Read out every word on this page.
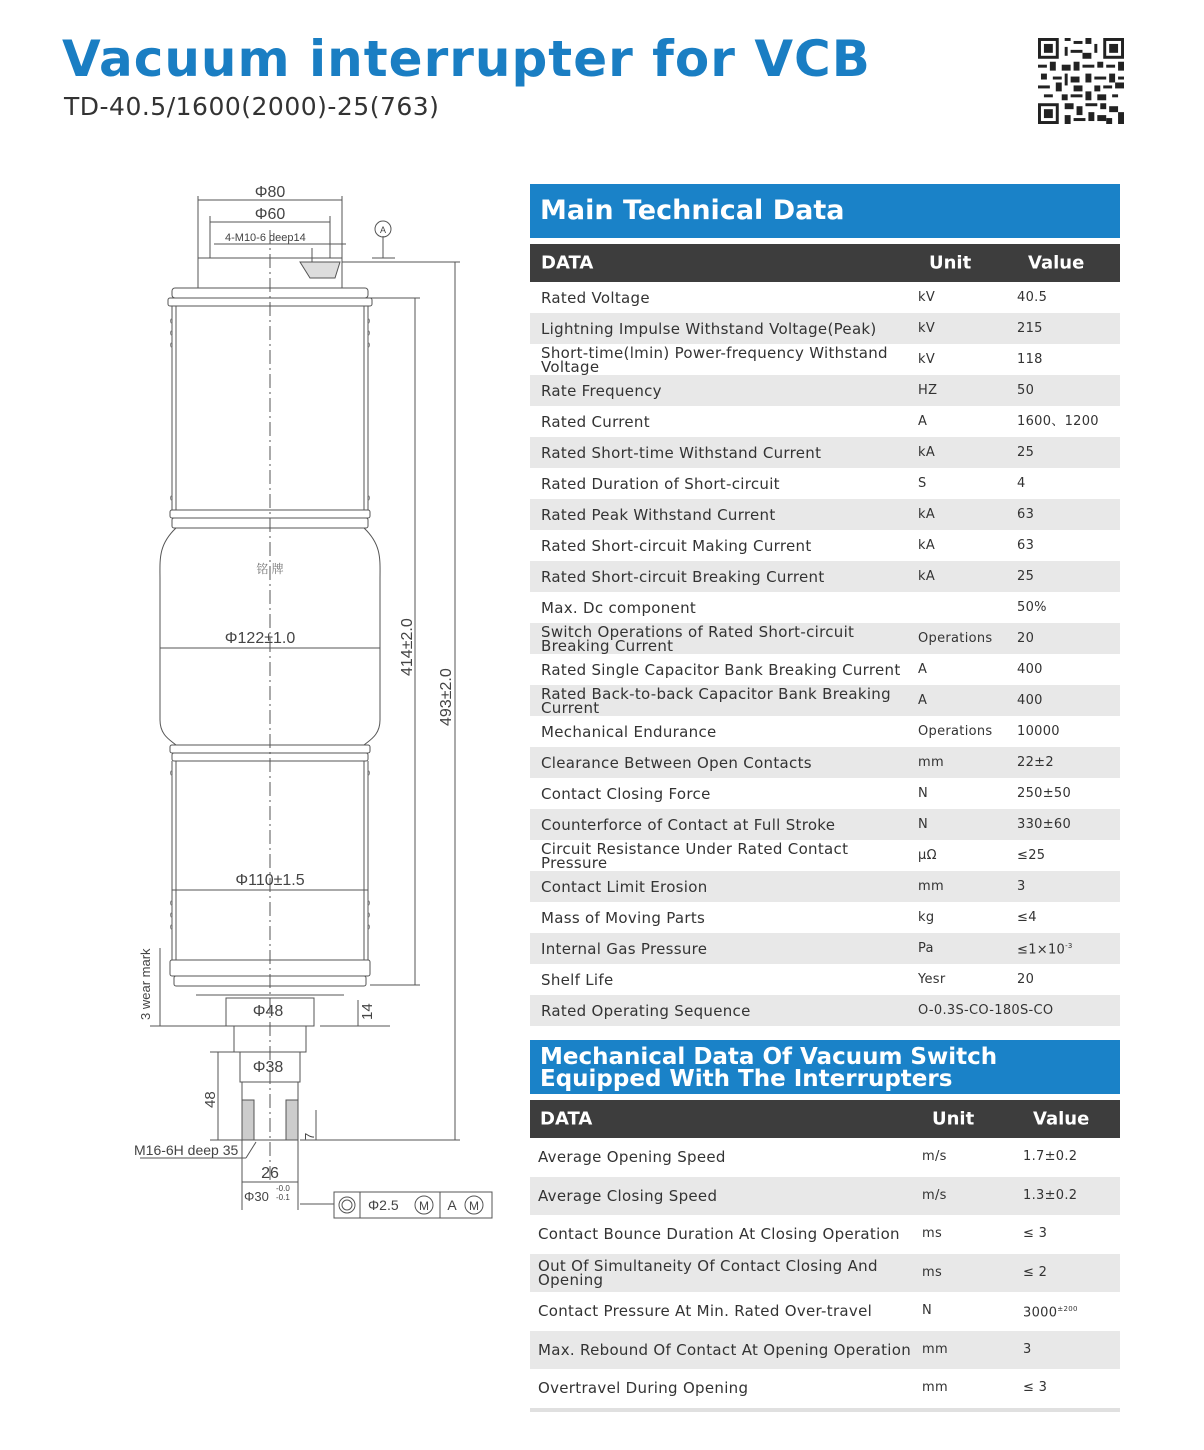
Vacuum interrupter for VCB
TD-40.5/1600(2000)-25(763)
Φ80
Φ60
4-M10-6 deep14
A
铭 牌
Φ122±1.0
Φ110±1.5
414±2.0
493±2.0
3 wear mark	Φ48	14
Φ38
48
7
M16-6H deep 35
26
Φ30
-0.0
-0.1	Φ2.5 M A M
Main Technical Data
DATA	Unit	Value
Rated Voltage	kV	40.5
Lightning Impulse Withstand Voltage(Peak)	kV	215
Short-time(lmin) Power-frequency Withstand Voltage	kV	118
Rate Frequency	HZ	50
Rated Current	A	1600、1200
Rated Short-time Withstand Current	kA	25
Rated Duration of Short-circuit	S	4
Rated Peak Withstand Current	kA	63
Rated Short-circuit Making Current	kA	63
Rated Short-circuit Breaking Current	kA	25
Max. Dc component		50%
Switch Operations of Rated Short-circuit Breaking Current	Operations	20
Rated Single Capacitor Bank Breaking Current	A	400
Rated Back-to-back Capacitor Bank Breaking Current	A	400
Mechanical Endurance	Operations	10000
Clearance Between Open Contacts	mm	22±2
Contact Closing Force	N	250±50
Counterforce of Contact at Full Stroke	N	330±60
Circuit Resistance Under Rated Contact Pressure	μΩ	≤25
Contact Limit Erosion	mm	3
Mass of Moving Parts	kg	≤4
Internal Gas Pressure	Pa	$\le 1\times 10^{-3}$
Shelf Life	Yesr	20
Rated Operating Sequence	O-0.3S-CO-180S-CO	
Mechanical Data Of Vacuum Switch Equipped With The Interrupters
DATA	Unit	Value
Average Opening Speed	m/s	1.7±0.2
Average Closing Speed	m/s	1.3±0.2
Contact Bounce Duration At Closing Operation	ms	≤ 3
Out Of Simultaneity Of Contact Closing And Opening	ms	≤ 2
Contact Pressure At Min. Rated Over-travel	N	$3000^{\pm 200}$
Max. Rebound Of Contact At Opening Operation	mm	3
Overtravel During Opening	mm	≤ 3
